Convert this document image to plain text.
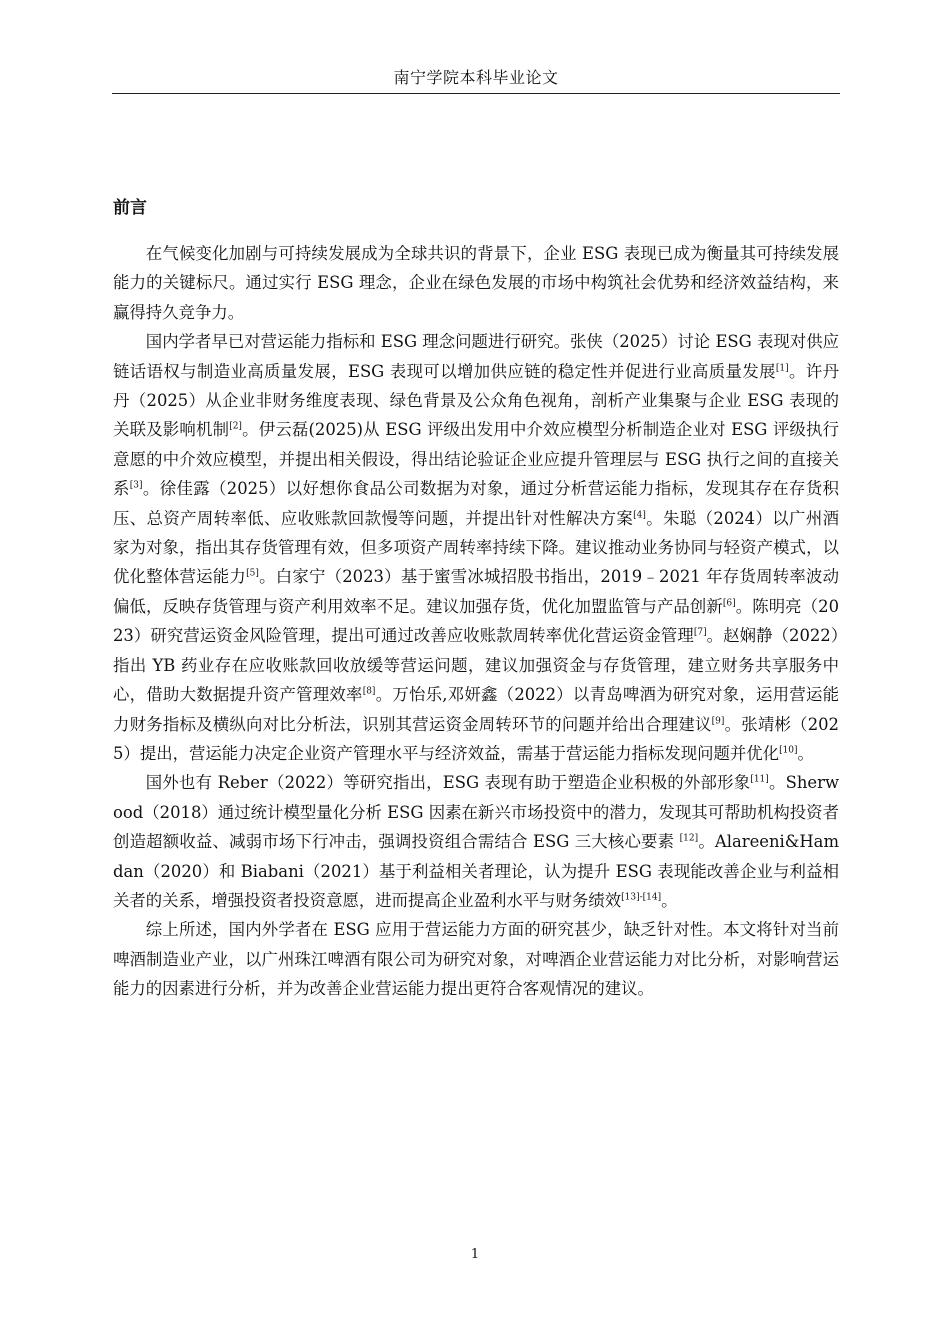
南宁学院本科毕业论文
前言

在气候变化加剧与可持续发展成为全球共识的背景下，企业 ESG 表现已成为衡量其可持续发展能力的关键标尺。通过实行 ESG 理念，企业在绿色发展的市场中构筑社会优势和经济效益结构，来赢得持久竞争力。

国内学者早已对营运能力指标和 ESG 理念问题进行研究。张侠（2025）讨论 ESG 表现对供应链话语权与制造业高质量发展，ESG 表现可以增加供应链的稳定性并促进行业高质量发展[1]。许丹丹（2025）从企业非财务维度表现、绿色背景及公众角色视角，剖析产业集聚与企业 ESG 表现的关联及影响机制[2]。伊云磊(2025)从 ESG 评级出发用中介效应模型分析制造企业对 ESG 评级执行意愿的中介效应模型，并提出相关假设，得出结论验证企业应提升管理层与 ESG 执行之间的直接关系[3]。徐佳露（2025）以好想你食品公司数据为对象，通过分析营运能力指标，发现其存在存货积压、总资产周转率低、应收账款回款慢等问题，并提出针对性解决方案[4]。朱聪（2024）以广州酒家为对象，指出其存货管理有效，但多项资产周转率持续下降。建议推动业务协同与轻资产模式，以优化整体营运能力[5]。白家宁（2023）基于蜜雪冰城招股书指出，2019﹣2021 年存货周转率波动偏低，反映存货管理与资产利用效率不足。建议加强存货，优化加盟监管与产品创新[6]。陈明亮（2023）研究营运资金风险管理，提出可通过改善应收账款周转率优化营运资金管理[7]。赵娴静（2022）指出 YB 药业存在应收账款回收放缓等营运问题，建议加强资金与存货管理，建立财务共享服务中心，借助大数据提升资产管理效率[8]。万怡乐,邓妍鑫（2022）以青岛啤酒为研究对象，运用营运能力财务指标及横纵向对比分析法，识别其营运资金周转环节的问题并给出合理建议[9]。张靖彬（2025）提出，营运能力决定企业资产管理水平与经济效益，需基于营运能力指标发现问题并优化[10]。

国外也有 Reber（2022）等研究指出，ESG 表现有助于塑造企业积极的外部形象[11]。Sherwood（2018）通过统计模型量化分析 ESG 因素在新兴市场投资中的潜力，发现其可帮助机构投资者创造超额收益、减弱市场下行冲击，强调投资组合需结合 ESG 三大核心要素 [12]。Alareeni&Hamdan（2020）和 Biabani（2021）基于利益相关者理论，认为提升 ESG 表现能改善企业与利益相关者的关系，增强投资者投资意愿，进而提高企业盈利水平与财务绩效[13]-[14]。

综上所述，国内外学者在 ESG 应用于营运能力方面的研究甚少，缺乏针对性。本文将针对当前啤酒制造业产业，以广州珠江啤酒有限公司为研究对象，对啤酒企业营运能力对比分析，对影响营运能力的因素进行分析，并为改善企业营运能力提出更符合客观情况的建议。

1
